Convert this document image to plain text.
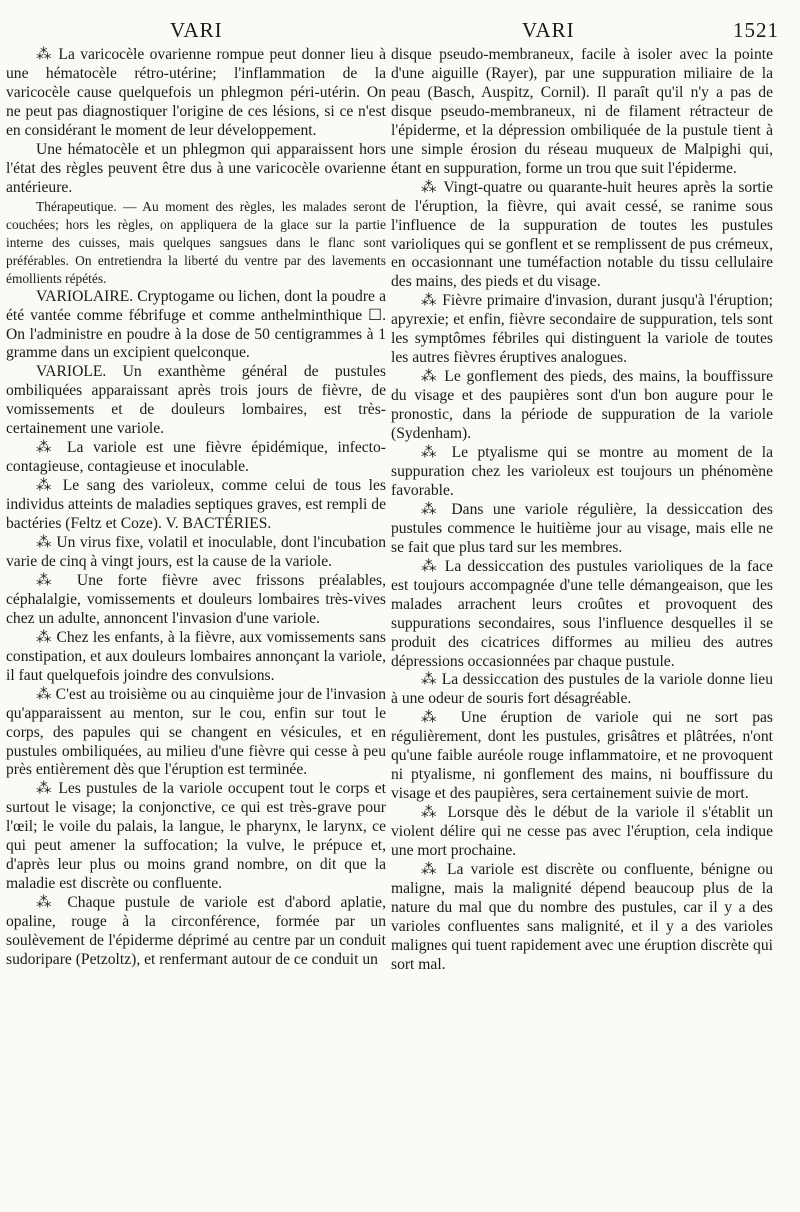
VARI	VARI	1521

⁂ La varicocèle ovarienne rompue peut donner lieu à une hématocèle rétro-utérine; l'inflammation de la varicocèle cause quelquefois un phlegmon péri-utérin. On ne peut pas diagnostiquer l'origine de ces lésions, si ce n'est en considérant le moment de leur développement.

Une hématocèle et un phlegmon qui apparaissent hors l'état des règles peuvent être dus à une varicocèle ovarienne antérieure.

Thérapeutique. — Au moment des règles, les malades seront couchées; hors les règles, on appliquera de la glace sur la partie interne des cuisses, mais quelques sangsues dans le flanc sont préférables. On entretiendra la liberté du ventre par des lavements émollients répétés.

VARIOLAIRE. Cryptogame ou lichen, dont la poudre a été vantée comme fébrifuge et comme anthelminthique ☐. On l'administre en poudre à la dose de 50 centigrammes à 1 gramme dans un excipient quelconque.

VARIOLE. Un exanthème général de pustules ombiliquées apparaissant après trois jours de fièvre, de vomissements et de douleurs lombaires, est très-certainement une variole.

⁂ La variole est une fièvre épidémique, infecto-contagieuse, contagieuse et inoculable.

⁂ Le sang des varioleux, comme celui de tous les individus atteints de maladies septiques graves, est rempli de bactéries (Feltz et Coze). V. BACTÉRIES.

⁂ Un virus fixe, volatil et inoculable, dont l'incubation varie de cinq à vingt jours, est la cause de la variole.

⁂ Une forte fièvre avec frissons préalables, céphalalgie, vomissements et douleurs lombaires très-vives chez un adulte, annoncent l'invasion d'une variole.

⁂ Chez les enfants, à la fièvre, aux vomissements sans constipation, et aux douleurs lombaires annonçant la variole, il faut quelquefois joindre des convulsions.

⁂ C'est au troisième ou au cinquième jour de l'invasion qu'apparaissent au menton, sur le cou, enfin sur tout le corps, des papules qui se changent en vésicules, et en pustules ombiliquées, au milieu d'une fièvre qui cesse à peu près entièrement dès que l'éruption est terminée.

⁂ Les pustules de la variole occupent tout le corps et surtout le visage; la conjonctive, ce qui est très-grave pour l'œil; le voile du palais, la langue, le pharynx, le larynx, ce qui peut amener la suffocation; la vulve, le prépuce et, d'après leur plus ou moins grand nombre, on dit que la maladie est discrète ou confluente.

⁂ Chaque pustule de variole est d'abord aplatie, opaline, rouge à la circonférence, formée par un soulèvement de l'épiderme déprimé au centre par un conduit sudoripare (Petzoltz), et renfermant autour de ce conduit un

disque pseudo-membraneux, facile à isoler avec la pointe d'une aiguille (Rayer), par une suppuration miliaire de la peau (Basch, Auspitz, Cornil). Il paraît qu'il n'y a pas de disque pseudo-membraneux, ni de filament rétracteur de l'épiderme, et la dépression ombiliquée de la pustule tient à une simple érosion du réseau muqueux de Malpighi qui, étant en suppuration, forme un trou que suit l'épiderme.

⁂ Vingt-quatre ou quarante-huit heures après la sortie de l'éruption, la fièvre, qui avait cessé, se ranime sous l'influence de la suppuration de toutes les pustules varioliques qui se gonflent et se remplissent de pus crémeux, en occasionnant une tuméfaction notable du tissu cellulaire des mains, des pieds et du visage.

⁂ Fièvre primaire d'invasion, durant jusqu'à l'éruption; apyrexie; et enfin, fièvre secondaire de suppuration, tels sont les symptômes fébriles qui distinguent la variole de toutes les autres fièvres éruptives analogues.

⁂ Le gonflement des pieds, des mains, la bouffissure du visage et des paupières sont d'un bon augure pour le pronostic, dans la période de suppuration de la variole (Sydenham).

⁂ Le ptyalisme qui se montre au moment de la suppuration chez les varioleux est toujours un phénomène favorable.

⁂ Dans une variole régulière, la dessiccation des pustules commence le huitième jour au visage, mais elle ne se fait que plus tard sur les membres.

⁂ La dessiccation des pustules varioliques de la face est toujours accompagnée d'une telle démangeaison, que les malades arrachent leurs croûtes et provoquent des suppurations secondaires, sous l'influence desquelles il se produit des cicatrices difformes au milieu des autres dépressions occasionnées par chaque pustule.

⁂ La dessiccation des pustules de la variole donne lieu à une odeur de souris fort désagréable.

⁂ Une éruption de variole qui ne sort pas régulièrement, dont les pustules, grisâtres et plâtrées, n'ont qu'une faible auréole rouge inflammatoire, et ne provoquent ni ptyalisme, ni gonflement des mains, ni bouffissure du visage et des paupières, sera certainement suivie de mort.

⁂ Lorsque dès le début de la variole il s'établit un violent délire qui ne cesse pas avec l'éruption, cela indique une mort prochaine.

⁂ La variole est discrète ou confluente, bénigne ou maligne, mais la malignité dépend beaucoup plus de la nature du mal que du nombre des pustules, car il y a des varioles confluentes sans malignité, et il y a des varioles malignes qui tuent rapidement avec une éruption discrète qui sort mal.
